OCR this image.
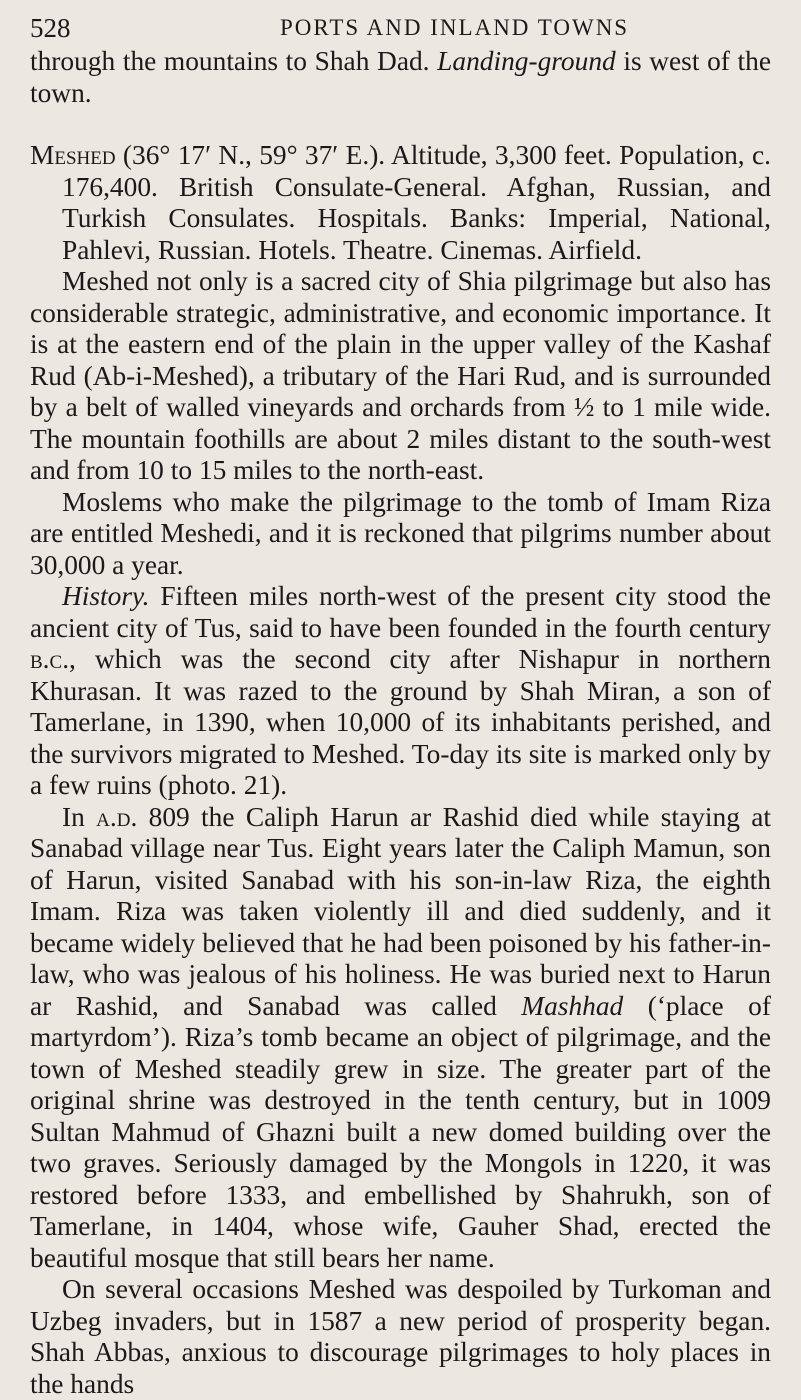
528	PORTS AND INLAND TOWNS

through the mountains to Shah Dad. Landing-ground is west of the town.

Meshed (36° 17′ N., 59° 37′ E.). Altitude, 3,300 feet. Population, c. 176,400. British Consulate-General. Afghan, Russian, and Turkish Consulates. Hospitals. Banks: Imperial, National, Pahlevi, Russian. Hotels. Theatre. Cinemas. Airfield.

Meshed not only is a sacred city of Shia pilgrimage but also has considerable strategic, administrative, and economic importance. It is at the eastern end of the plain in the upper valley of the Kashaf Rud (Ab-i-Meshed), a tributary of the Hari Rud, and is surrounded by a belt of walled vineyards and orchards from ½ to 1 mile wide. The mountain foothills are about 2 miles distant to the south-west and from 10 to 15 miles to the north-east.

Moslems who make the pilgrimage to the tomb of Imam Riza are entitled Meshedi, and it is reckoned that pilgrims number about 30,000 a year.

History. Fifteen miles north-west of the present city stood the ancient city of Tus, said to have been founded in the fourth century b.c., which was the second city after Nishapur in northern Khurasan. It was razed to the ground by Shah Miran, a son of Tamerlane, in 1390, when 10,000 of its inhabitants perished, and the survivors migrated to Meshed. To-day its site is marked only by a few ruins (photo. 21).

In a.d. 809 the Caliph Harun ar Rashid died while staying at Sanabad village near Tus. Eight years later the Caliph Mamun, son of Harun, visited Sanabad with his son-in-law Riza, the eighth Imam. Riza was taken violently ill and died suddenly, and it became widely believed that he had been poisoned by his father-in-law, who was jealous of his holiness. He was buried next to Harun ar Rashid, and Sanabad was called Mashhad (‘place of martyrdom’). Riza’s tomb became an object of pilgrimage, and the town of Meshed steadily grew in size. The greater part of the original shrine was destroyed in the tenth century, but in 1009 Sultan Mahmud of Ghazni built a new domed building over the two graves. Seriously damaged by the Mongols in 1220, it was restored before 1333, and embellished by Shahrukh, son of Tamerlane, in 1404, whose wife, Gauher Shad, erected the beautiful mosque that still bears her name.

On several occasions Meshed was despoiled by Turkoman and Uzbeg invaders, but in 1587 a new period of prosperity began. Shah Abbas, anxious to discourage pilgrimages to holy places in the hands
